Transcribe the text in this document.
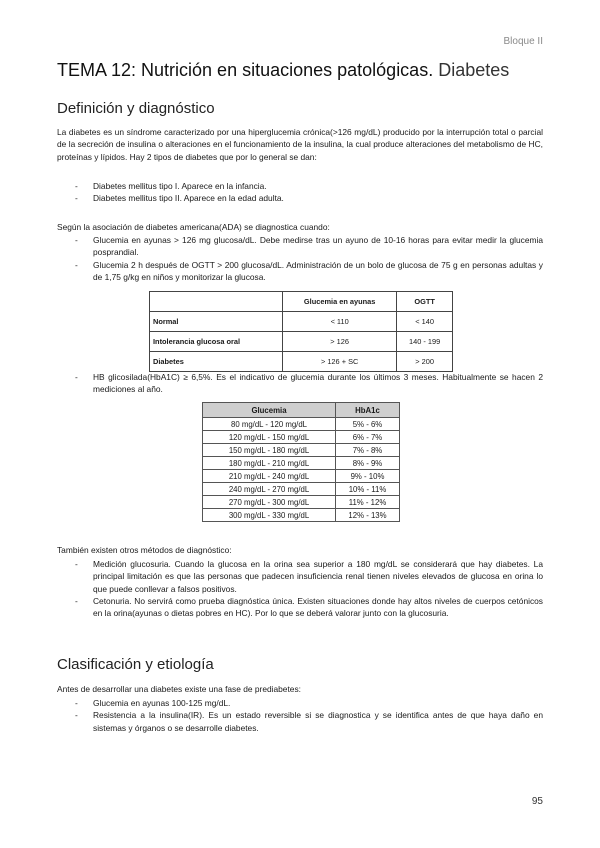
Bloque II
TEMA 12: Nutrición en situaciones patológicas. Diabetes
Definición y diagnóstico

La diabetes es un síndrome caracterizado por una hiperglucemia crónica(>126 mg/dL) producido por la interrupción total o parcial de la secreción de insulina o alteraciones en el funcionamiento de la insulina, la cual produce alteraciones del metabolismo de HC, proteínas y lípidos. Hay 2 tipos de diabetes que por lo general se dan:

- Diabetes mellitus tipo I. Aparece en la infancia.
- Diabetes mellitus tipo II. Aparece en la edad adulta.

Según la asociación de diabetes americana(ADA) se diagnostica cuando:

- Glucemia en ayunas > 126 mg glucosa/dL. Debe medirse tras un ayuno de 10-16 horas para evitar medir la glucemia posprandial.
- Glucemia 2 h después de OGTT > 200 glucosa/dL. Administración de un bolo de glucosa de 75 g en personas adultas y de 1,75 g/kg en niños y monitorizar la glucosa.
	Glucemia en ayunas	OGTT
Normal	< 110	< 140
Intolerancia glucosa oral	> 126	140 - 199
Diabetes	> 126 + SC	> 200
- HB glicosilada(HbA1C) ≥ 6,5%. Es el indicativo de glucemia durante los últimos 3 meses. Habitualmente se hacen 2 mediciones al año.
Glucemia	HbA1c
80 mg/dL - 120 mg/dL	5% - 6%
120 mg/dL - 150 mg/dL	6% - 7%
150 mg/dL - 180 mg/dL	7% - 8%
180 mg/dL - 210 mg/dL	8% - 9%
210 mg/dL - 240 mg/dL	9% - 10%
240 mg/dL - 270 mg/dL	10% - 11%
270 mg/dL - 300 mg/dL	11% - 12%
300 mg/dL - 330 mg/dL	12% - 13%

También existen otros métodos de diagnóstico:

- Medición glucosuria. Cuando la glucosa en la orina sea superior a 180 mg/dL se considerará que hay diabetes. La principal limitación es que las personas que padecen insuficiencia renal tienen niveles elevados de glucosa en orina lo que puede conllevar a falsos positivos.
- Cetonuria. No servirá como prueba diagnóstica única. Existen situaciones donde hay altos niveles de cuerpos cetónicos en la orina(ayunas o dietas pobres en HC). Por lo que se deberá valorar junto con la glucosuria.
Clasificación y etiología

Antes de desarrollar una diabetes existe una fase de prediabetes:

- Glucemia en ayunas 100-125 mg/dL.
- Resistencia a la insulina(IR). Es un estado reversible si se diagnostica y se identifica antes de que haya daño en sistemas y órganos o se desarrolle diabetes.
95
